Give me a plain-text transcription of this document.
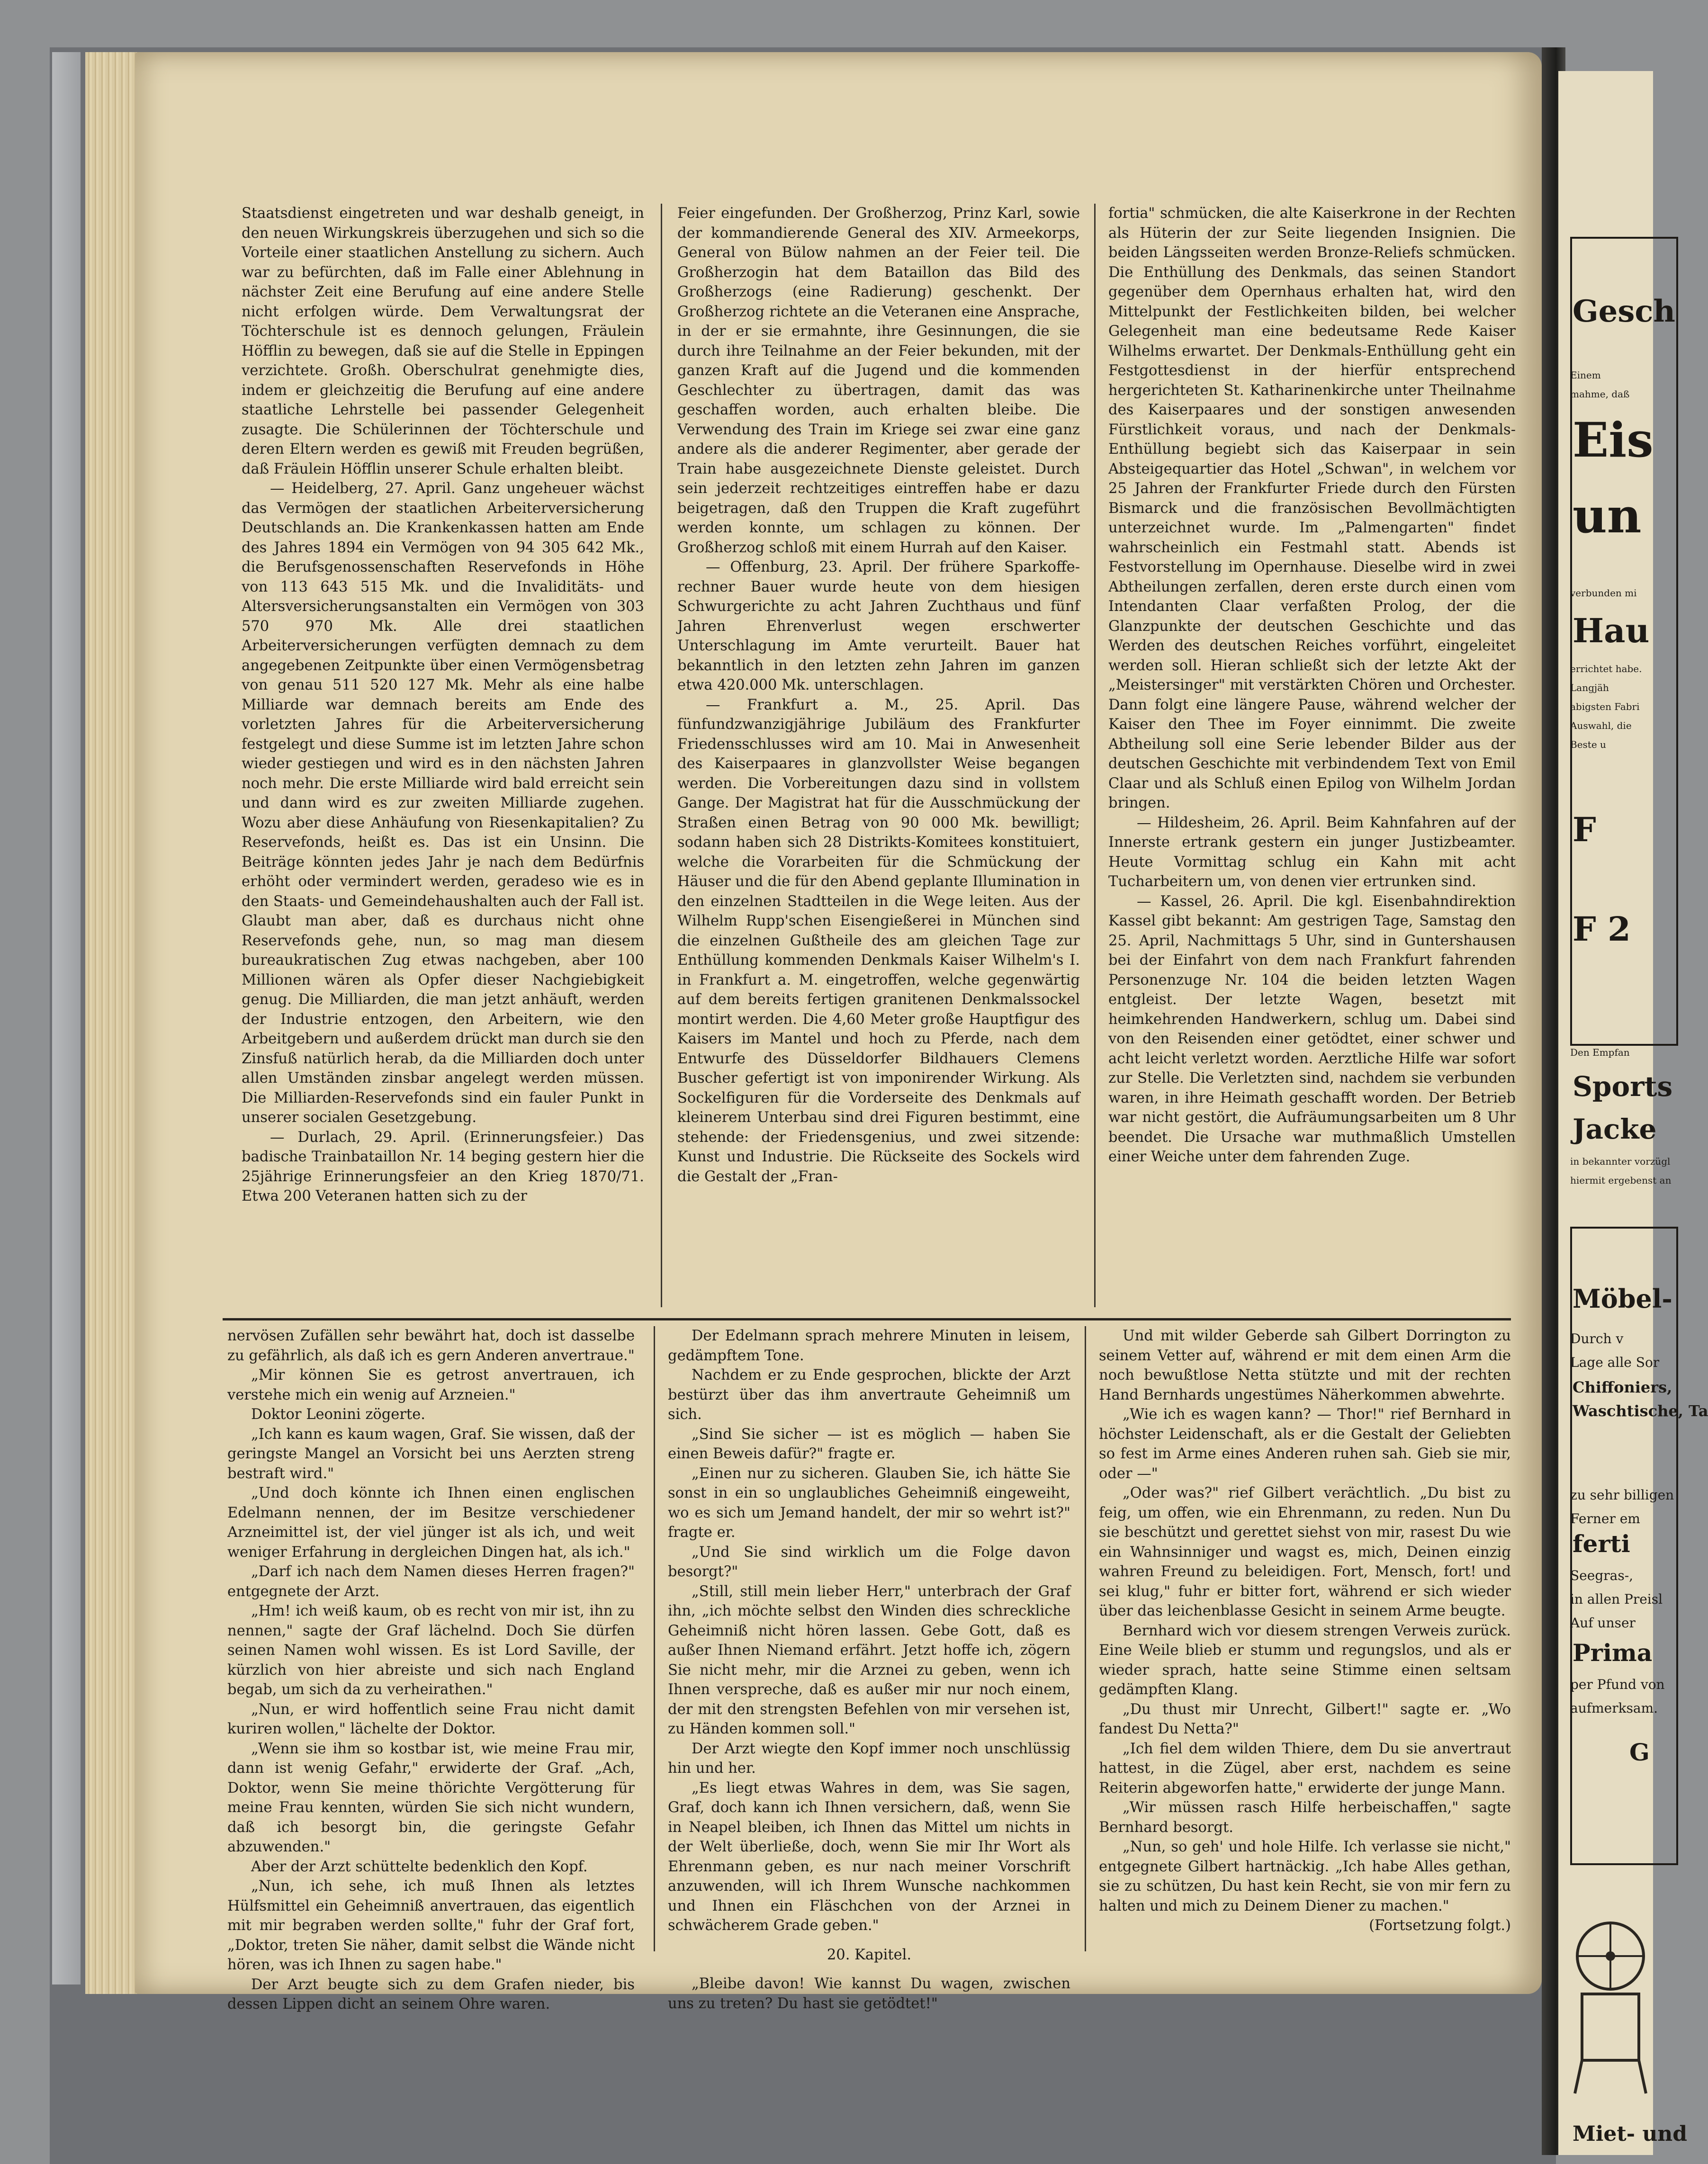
Staatsdienst eingetreten und war deshalb geneigt, in den neuen Wirkungskreis überzugehen und sich so die Vorteile einer staatlichen Anstellung zu sichern. Auch war zu befürchten, daß im Falle einer Ablehnung in nächster Zeit eine Berufung auf eine andere Stelle nicht erfolgen würde. Dem Verwaltungsrat der Töchterschule ist es dennoch gelungen, Fräulein Höfflin zu bewegen, daß sie auf die Stelle in Eppingen verzichtete. Großh. Oberschulrat genehmigte dies, indem er gleichzeitig die Berufung auf eine andere staatliche Lehrstelle bei passender Gelegenheit zusagte. Die Schülerinnen der Töchterschule und deren Eltern werden es gewiß mit Freuden begrüßen, daß Fräulein Höfflin unserer Schule erhalten bleibt.

— Heidelberg, 27. April. Ganz ungeheuer wächst das Vermögen der staatlichen Arbeiterversicherung Deutschlands an. Die Krankenkassen hatten am Ende des Jahres 1894 ein Vermögen von 94 305 642 Mk., die Berufsgenossenschaften Reservefonds in Höhe von 113 643 515 Mk. und die Invaliditäts- und Altersversicherungsanstalten ein Vermögen von 303 570 970 Mk. Alle drei staatlichen Arbeiterversicherungen verfügten demnach zu dem angegebenen Zeitpunkte über einen Vermögensbetrag von genau 511 520 127 Mk. Mehr als eine halbe Milliarde war demnach bereits am Ende des vorletzten Jahres für die Arbeiterversicherung festgelegt und diese Summe ist im letzten Jahre schon wieder gestiegen und wird es in den nächsten Jahren noch mehr. Die erste Milliarde wird bald erreicht sein und dann wird es zur zweiten Milliarde zugehen. Wozu aber diese Anhäufung von Riesenkapitalien? Zu Reservefonds, heißt es. Das ist ein Unsinn. Die Beiträge könnten jedes Jahr je nach dem Bedürfnis erhöht oder vermindert werden, geradeso wie es in den Staats- und Gemeindehaushalten auch der Fall ist. Glaubt man aber, daß es durchaus nicht ohne Reservefonds gehe, nun, so mag man diesem bureaukratischen Zug etwas nachgeben, aber 100 Millionen wären als Opfer dieser Nachgiebigkeit genug. Die Milliarden, die man jetzt anhäuft, werden der Industrie entzogen, den Arbeitern, wie den Arbeitgebern und außerdem drückt man durch sie den Zinsfuß natürlich herab, da die Milliarden doch unter allen Umständen zinsbar angelegt werden müssen. Die Milliarden-Reservefonds sind ein fauler Punkt in unserer socialen Gesetzgebung.

— Durlach, 29. April. (Erinnerungsfeier.) Das badische Trainbataillon Nr. 14 beging gestern hier die 25jährige Erinnerungsfeier an den Krieg 1870/71. Etwa 200 Veteranen hatten sich zu der

Feier eingefunden. Der Großherzog, Prinz Karl, sowie der kommandierende General des XIV. Armeekorps, General von Bülow nahmen an der Feier teil. Die Großherzogin hat dem Bataillon das Bild des Großherzogs (eine Radierung) geschenkt. Der Großherzog richtete an die Veteranen eine Ansprache, in der er sie ermahnte, ihre Gesinnungen, die sie durch ihre Teilnahme an der Feier bekunden, mit der ganzen Kraft auf die Jugend und die kommenden Geschlechter zu übertragen, damit das was geschaffen worden, auch erhalten bleibe. Die Verwendung des Train im Kriege sei zwar eine ganz andere als die anderer Regimenter, aber gerade der Train habe ausgezeichnete Dienste geleistet. Durch sein jederzeit rechtzeitiges eintreffen habe er dazu beigetragen, daß den Truppen die Kraft zugeführt werden konnte, um schlagen zu können. Der Großherzog schloß mit einem Hurrah auf den Kaiser.

— Offenburg, 23. April. Der frühere Sparkoffe-rechner Bauer wurde heute von dem hiesigen Schwurgerichte zu acht Jahren Zuchthaus und fünf Jahren Ehrenverlust wegen erschwerter Unterschlagung im Amte verurteilt. Bauer hat bekanntlich in den letzten zehn Jahren im ganzen etwa 420.000 Mk. unterschlagen.

— Frankfurt a. M., 25. April. Das fünfundzwanzigjährige Jubiläum des Frankfurter Friedensschlusses wird am 10. Mai in Anwesenheit des Kaiserpaares in glanzvollster Weise begangen werden. Die Vorbereitungen dazu sind in vollstem Gange. Der Magistrat hat für die Ausschmückung der Straßen einen Betrag von 90 000 Mk. bewilligt; sodann haben sich 28 Distrikts-Komitees konstituiert, welche die Vorarbeiten für die Schmückung der Häuser und die für den Abend geplante Illumination in den einzelnen Stadtteilen in die Wege leiten. Aus der Wilhelm Rupp'schen Eisengießerei in München sind die einzelnen Gußtheile des am gleichen Tage zur Enthüllung kommenden Denkmals Kaiser Wilhelm's I. in Frankfurt a. M. eingetroffen, welche gegenwärtig auf dem bereits fertigen granitenen Denkmalssockel montirt werden. Die 4,60 Meter große Hauptfigur des Kaisers im Mantel und hoch zu Pferde, nach dem Entwurfe des Düsseldorfer Bildhauers Clemens Buscher gefertigt ist von imponirender Wirkung. Als Sockelfiguren für die Vorderseite des Denkmals auf kleinerem Unterbau sind drei Figuren bestimmt, eine stehende: der Friedensgenius, und zwei sitzende: Kunst und Industrie. Die Rückseite des Sockels wird die Gestalt der „Fran-

fortia" schmücken, die alte Kaiserkrone in der Rechten als Hüterin der zur Seite liegenden Insignien. Die beiden Längsseiten werden Bronze-Reliefs schmücken. Die Enthüllung des Denkmals, das seinen Standort gegenüber dem Opernhaus erhalten hat, wird den Mittelpunkt der Festlichkeiten bilden, bei welcher Gelegenheit man eine bedeutsame Rede Kaiser Wilhelms erwartet. Der Denkmals-Enthüllung geht ein Festgottesdienst in der hierfür entsprechend hergerichteten St. Katharinenkirche unter Theilnahme des Kaiserpaares und der sonstigen anwesenden Fürstlichkeit voraus, und nach der Denkmals-Enthüllung begiebt sich das Kaiserpaar in sein Absteigequartier das Hotel „Schwan", in welchem vor 25 Jahren der Frankfurter Friede durch den Fürsten Bismarck und die französischen Bevollmächtigten unterzeichnet wurde. Im „Palmengarten" findet wahrscheinlich ein Festmahl statt. Abends ist Festvorstellung im Opernhause. Dieselbe wird in zwei Abtheilungen zerfallen, deren erste durch einen vom Intendanten Claar verfaßten Prolog, der die Glanzpunkte der deutschen Geschichte und das Werden des deutschen Reiches vorführt, eingeleitet werden soll. Hieran schließt sich der letzte Akt der „Meistersinger" mit verstärkten Chören und Orchester. Dann folgt eine längere Pause, während welcher der Kaiser den Thee im Foyer einnimmt. Die zweite Abtheilung soll eine Serie lebender Bilder aus der deutschen Geschichte mit verbindendem Text von Emil Claar und als Schluß einen Epilog von Wilhelm Jordan bringen.

— Hildesheim, 26. April. Beim Kahnfahren auf der Innerste ertrank gestern ein junger Justizbeamter. Heute Vormittag schlug ein Kahn mit acht Tucharbeitern um, von denen vier ertrunken sind.

— Kassel, 26. April. Die kgl. Eisenbahndirektion Kassel gibt bekannt: Am gestrigen Tage, Samstag den 25. April, Nachmittags 5 Uhr, sind in Guntershausen bei der Einfahrt von dem nach Frankfurt fahrenden Personenzuge Nr. 104 die beiden letzten Wagen entgleist. Der letzte Wagen, besetzt mit heimkehrenden Handwerkern, schlug um. Dabei sind von den Reisenden einer getödtet, einer schwer und acht leicht verletzt worden. Aerztliche Hilfe war sofort zur Stelle. Die Verletzten sind, nachdem sie verbunden waren, in ihre Heimath geschafft worden. Der Betrieb war nicht gestört, die Aufräumungsarbeiten um 8 Uhr beendet. Die Ursache war muthmaßlich Umstellen einer Weiche unter dem fahrenden Zuge.

nervösen Zufällen sehr bewährt hat, doch ist dasselbe zu gefährlich, als daß ich es gern Anderen anvertraue."

„Mir können Sie es getrost anvertrauen, ich verstehe mich ein wenig auf Arzneien."

Doktor Leonini zögerte.

„Ich kann es kaum wagen, Graf. Sie wissen, daß der geringste Mangel an Vorsicht bei uns Aerzten streng bestraft wird."

„Und doch könnte ich Ihnen einen englischen Edelmann nennen, der im Besitze verschiedener Arzneimittel ist, der viel jünger ist als ich, und weit weniger Erfahrung in dergleichen Dingen hat, als ich."

„Darf ich nach dem Namen dieses Herren fragen?" entgegnete der Arzt.

„Hm! ich weiß kaum, ob es recht von mir ist, ihn zu nennen," sagte der Graf lächelnd. Doch Sie dürfen seinen Namen wohl wissen. Es ist Lord Saville, der kürzlich von hier abreiste und sich nach England begab, um sich da zu verheirathen."

„Nun, er wird hoffentlich seine Frau nicht damit kuriren wollen," lächelte der Doktor.

„Wenn sie ihm so kostbar ist, wie meine Frau mir, dann ist wenig Gefahr," erwiderte der Graf. „Ach, Doktor, wenn Sie meine thörichte Vergötterung für meine Frau kennten, würden Sie sich nicht wundern, daß ich besorgt bin, die geringste Gefahr abzuwenden."

Aber der Arzt schüttelte bedenklich den Kopf.

„Nun, ich sehe, ich muß Ihnen als letztes Hülfsmittel ein Geheimniß anvertrauen, das eigentlich mit mir begraben werden sollte," fuhr der Graf fort, „Doktor, treten Sie näher, damit selbst die Wände nicht hören, was ich Ihnen zu sagen habe."

Der Arzt beugte sich zu dem Grafen nieder, bis dessen Lippen dicht an seinem Ohre waren.

Der Edelmann sprach mehrere Minuten in leisem, gedämpftem Tone.

Nachdem er zu Ende gesprochen, blickte der Arzt bestürzt über das ihm anvertraute Geheimniß um sich.

„Sind Sie sicher — ist es möglich — haben Sie einen Beweis dafür?" fragte er.

„Einen nur zu sicheren. Glauben Sie, ich hätte Sie sonst in ein so unglaubliches Geheimniß eingeweiht, wo es sich um Jemand handelt, der mir so wehrt ist?" fragte er.

„Und Sie sind wirklich um die Folge davon besorgt?"

„Still, still mein lieber Herr," unterbrach der Graf ihn, „ich möchte selbst den Winden dies schreckliche Geheimniß nicht hören lassen. Gebe Gott, daß es außer Ihnen Niemand erfährt. Jetzt hoffe ich, zögern Sie nicht mehr, mir die Arznei zu geben, wenn ich Ihnen verspreche, daß es außer mir nur noch einem, der mit den strengsten Befehlen von mir versehen ist, zu Händen kommen soll."

Der Arzt wiegte den Kopf immer noch unschlüssig hin und her.

„Es liegt etwas Wahres in dem, was Sie sagen, Graf, doch kann ich Ihnen versichern, daß, wenn Sie in Neapel bleiben, ich Ihnen das Mittel um nichts in der Welt überließe, doch, wenn Sie mir Ihr Wort als Ehrenmann geben, es nur nach meiner Vorschrift anzuwenden, will ich Ihrem Wunsche nachkommen und Ihnen ein Fläschchen von der Arznei in schwächerem Grade geben."

20. Kapitel.

„Bleibe davon! Wie kannst Du wagen, zwischen uns zu treten? Du hast sie getödtet!"

Und mit wilder Geberde sah Gilbert Dorrington zu seinem Vetter auf, während er mit dem einen Arm die noch bewußtlose Netta stützte und mit der rechten Hand Bernhards ungestümes Näherkommen abwehrte.

„Wie ich es wagen kann? — Thor!" rief Bernhard in höchster Leidenschaft, als er die Gestalt der Geliebten so fest im Arme eines Anderen ruhen sah. Gieb sie mir, oder —"

„Oder was?" rief Gilbert verächtlich. „Du bist zu feig, um offen, wie ein Ehrenmann, zu reden. Nun Du sie beschützt und gerettet siehst von mir, rasest Du wie ein Wahnsinniger und wagst es, mich, Deinen einzig wahren Freund zu beleidigen. Fort, Mensch, fort! und sei klug," fuhr er bitter fort, während er sich wieder über das leichenblasse Gesicht in seinem Arme beugte.

Bernhard wich vor diesem strengen Verweis zurück. Eine Weile blieb er stumm und regungslos, und als er wieder sprach, hatte seine Stimme einen seltsam gedämpften Klang.

„Du thust mir Unrecht, Gilbert!" sagte er. „Wo fandest Du Netta?"

„Ich fiel dem wilden Thiere, dem Du sie anvertraut hattest, in die Zügel, aber erst, nachdem es seine Reiterin abgeworfen hatte," erwiderte der junge Mann.

„Wir müssen rasch Hilfe herbeischaffen," sagte Bernhard besorgt.

„Nun, so geh' und hole Hilfe. Ich verlasse sie nicht," entgegnete Gilbert hartnäckig. „Ich habe Alles gethan, sie zu schützen, Du hast kein Recht, sie von mir fern zu halten und mich zu Deinem Diener zu machen."

(Fortsetzung folgt.)

Gesch
Einem
mahme, daß
Eis
un
verbunden mi
Hau
errichtet habe.
Langjäh
abigsten Fabri
Auswahl, die
Beste u
F
F 2
Den Empfan
Sports
Jacke
in bekannter vorzügl
hiermit ergebenst an
Möbel-
Durch v
Lage alle Sor
Chiffoniers,
Waschtische, Ta
zu sehr billigen
Ferner em
ferti
Seegras-,
in allen Preisl
Auf unser
Prima
per Pfund von
aufmerksam.
G
Miet- und
